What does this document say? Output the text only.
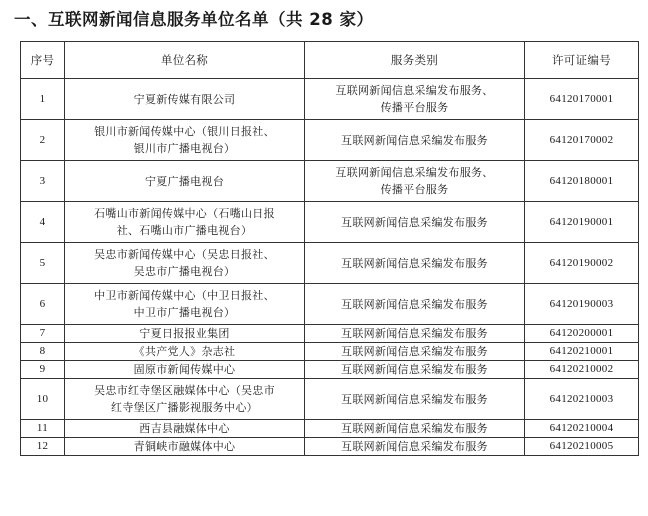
一、互联网新闻信息服务单位名单（共 28 家）
序号	单位名称	服务类别	许可证编号
1	宁夏新传媒有限公司	互联网新闻信息采编发布服务、
传播平台服务	64120170001
2	银川市新闻传媒中心（银川日报社、
银川市广播电视台）	互联网新闻信息采编发布服务	64120170002
3	宁夏广播电视台	互联网新闻信息采编发布服务、
传播平台服务	64120180001
4	石嘴山市新闻传媒中心（石嘴山日报
社、石嘴山市广播电视台）	互联网新闻信息采编发布服务	64120190001
5	吴忠市新闻传媒中心（吴忠日报社、
吴忠市广播电视台）	互联网新闻信息采编发布服务	64120190002
6	中卫市新闻传媒中心（中卫日报社、
中卫市广播电视台）	互联网新闻信息采编发布服务	64120190003
7	宁夏日报报业集团	互联网新闻信息采编发布服务	64120200001
8	《共产党人》杂志社	互联网新闻信息采编发布服务	64120210001
9	固原市新闻传媒中心	互联网新闻信息采编发布服务	64120210002
10	吴忠市红寺堡区融媒体中心（吴忠市
红寺堡区广播影视服务中心）	互联网新闻信息采编发布服务	64120210003
11	西吉县融媒体中心	互联网新闻信息采编发布服务	64120210004
12	青铜峡市融媒体中心	互联网新闻信息采编发布服务	64120210005
